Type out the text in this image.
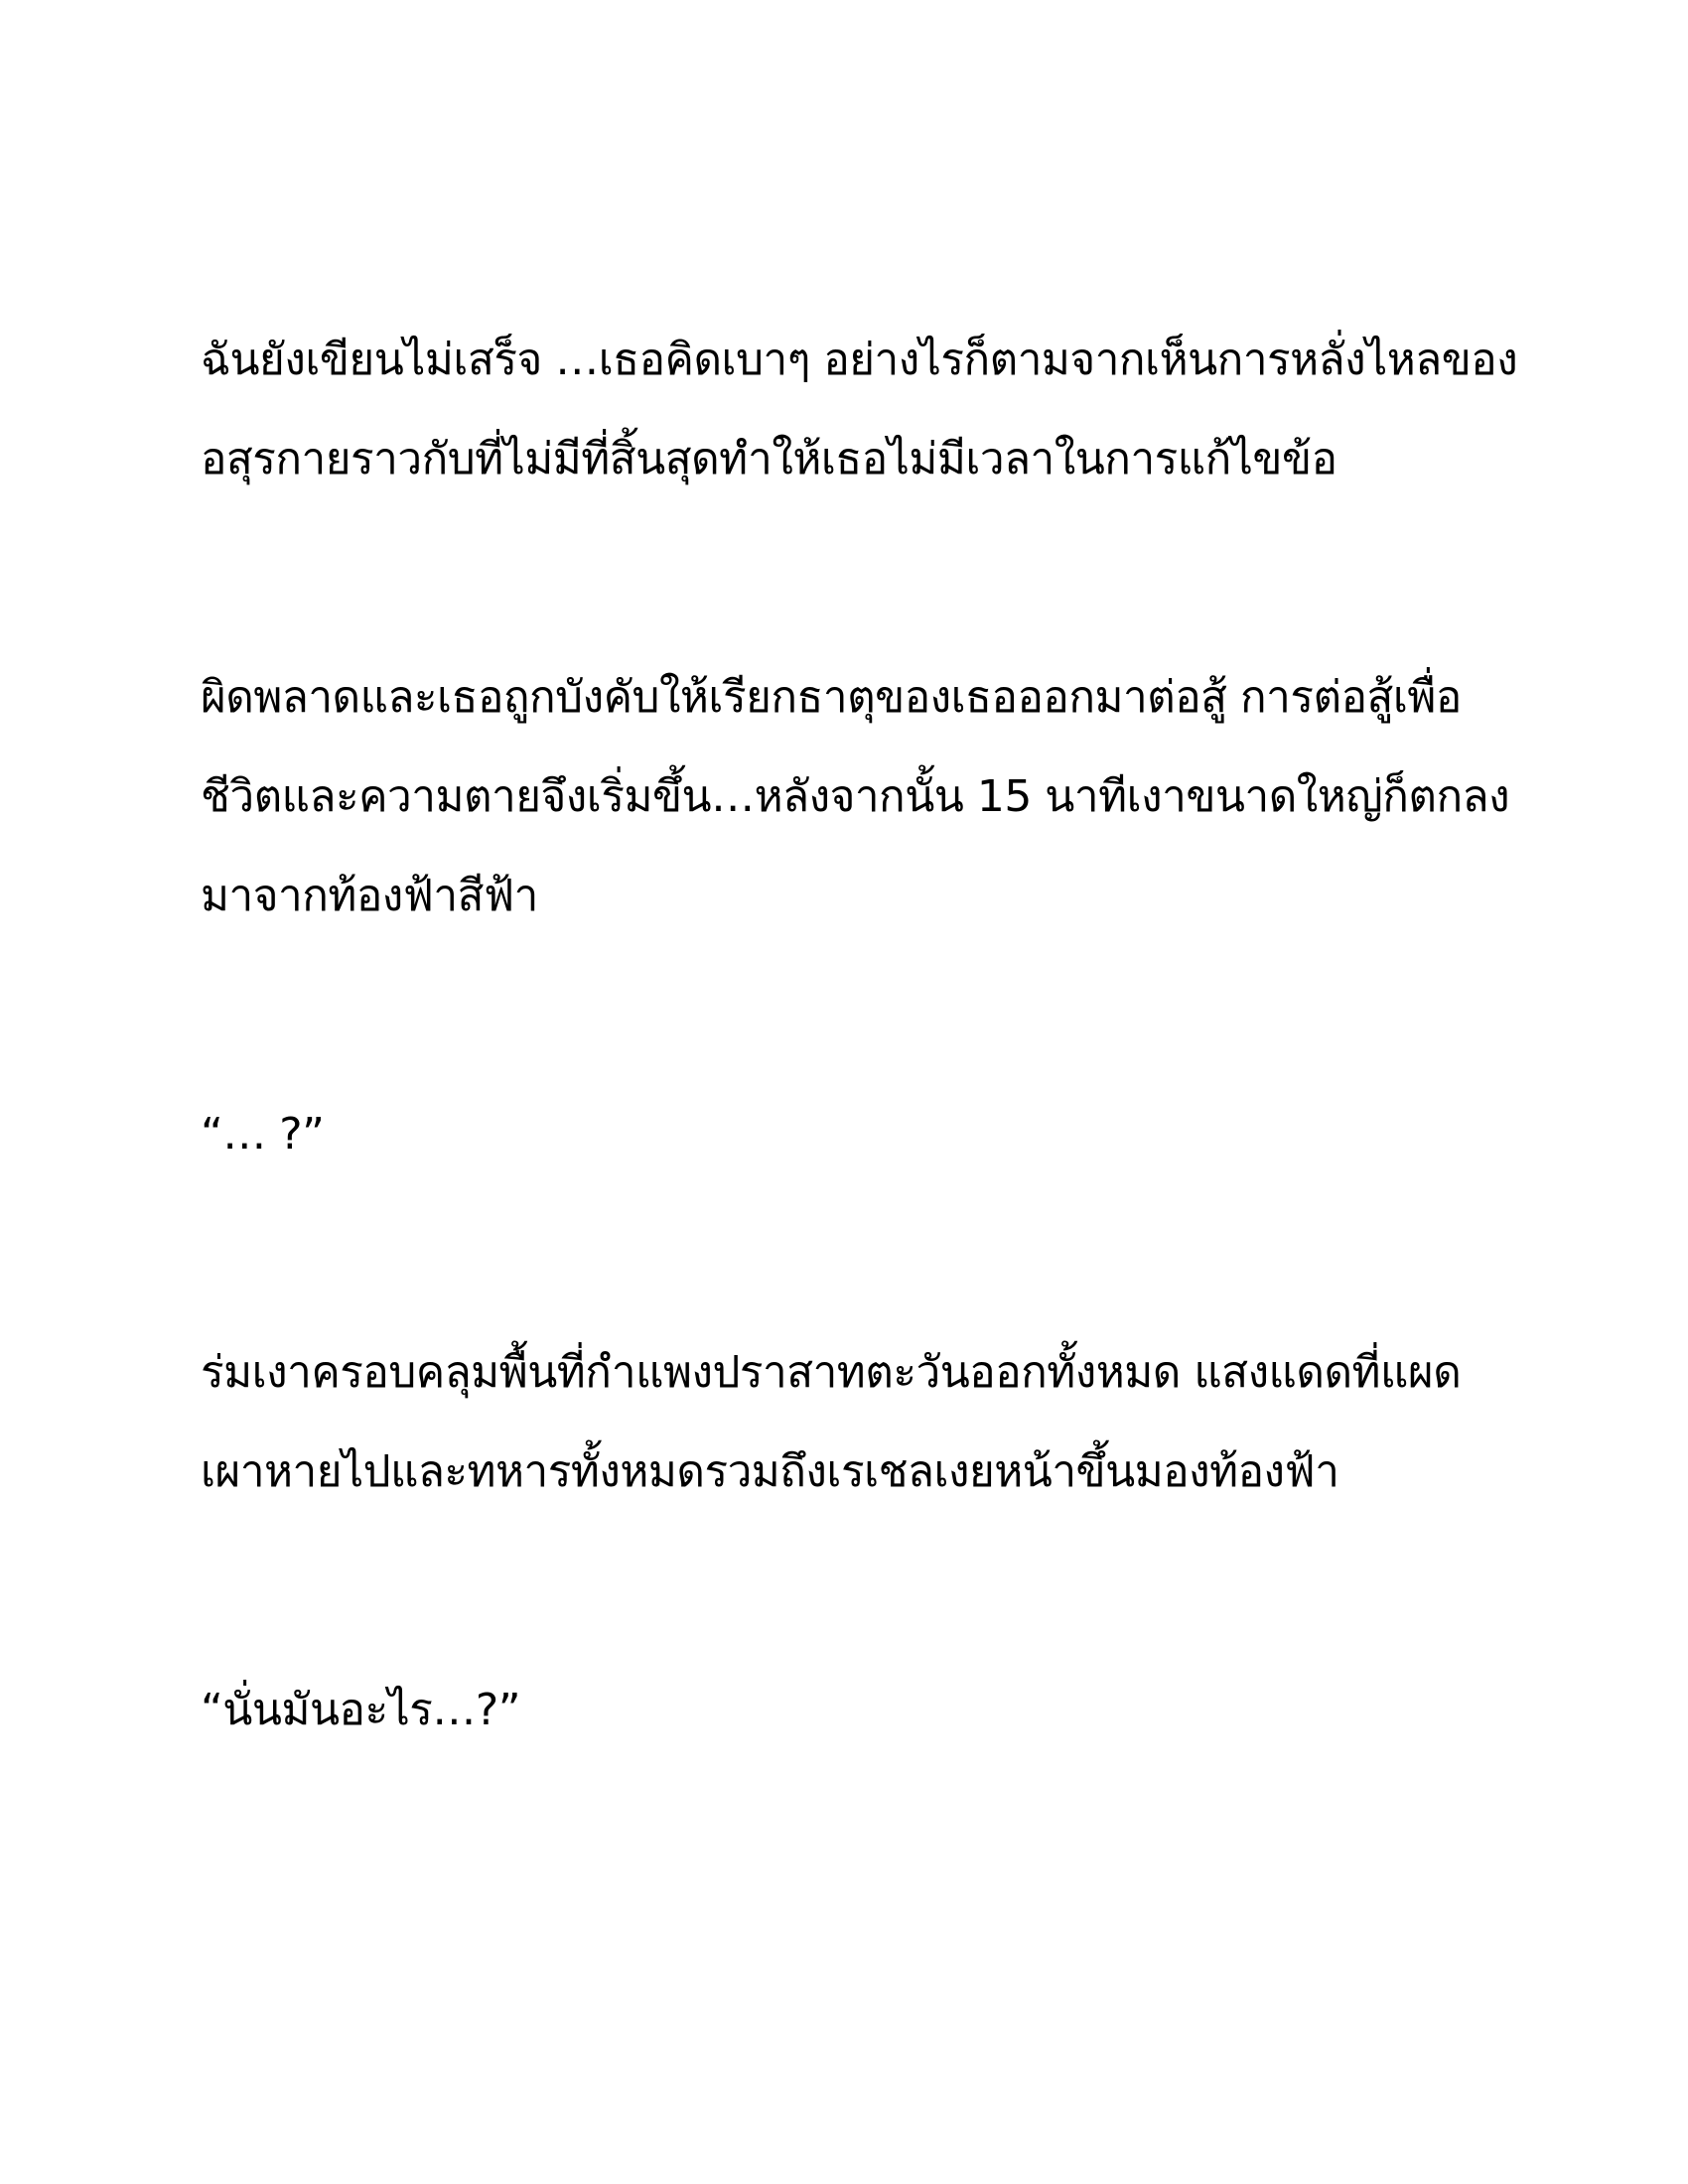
ฉันยังเขียนไม่เสร็จ …เธอคิดเบาๆ อย่างไรก็ตามจากเห็นการหลั่งไหลของ
อสุรกายราวกับที่ไม่มีที่สิ้นสุดทำให้เธอไม่มีเวลาในการแก้ไขข้อ
ผิดพลาดและเธอถูกบังคับให้เรียกธาตุของเธอออกมาต่อสู้ การต่อสู้เพื่อ
ชีวิตและความตายจึงเริ่มขึ้น…หลังจากนั้น 15 นาทีเงาขนาดใหญ่ก็ตกลง
มาจากท้องฟ้าสีฟ้า
“… ?”
ร่มเงาครอบคลุมพื้นที่กำแพงปราสาทตะวันออกทั้งหมด แสงแดดที่แผด
เผาหายไปและทหารทั้งหมดรวมถึงเรเชลเงยหน้าขึ้นมองท้องฟ้า
“นั่นมันอะไร…?”
